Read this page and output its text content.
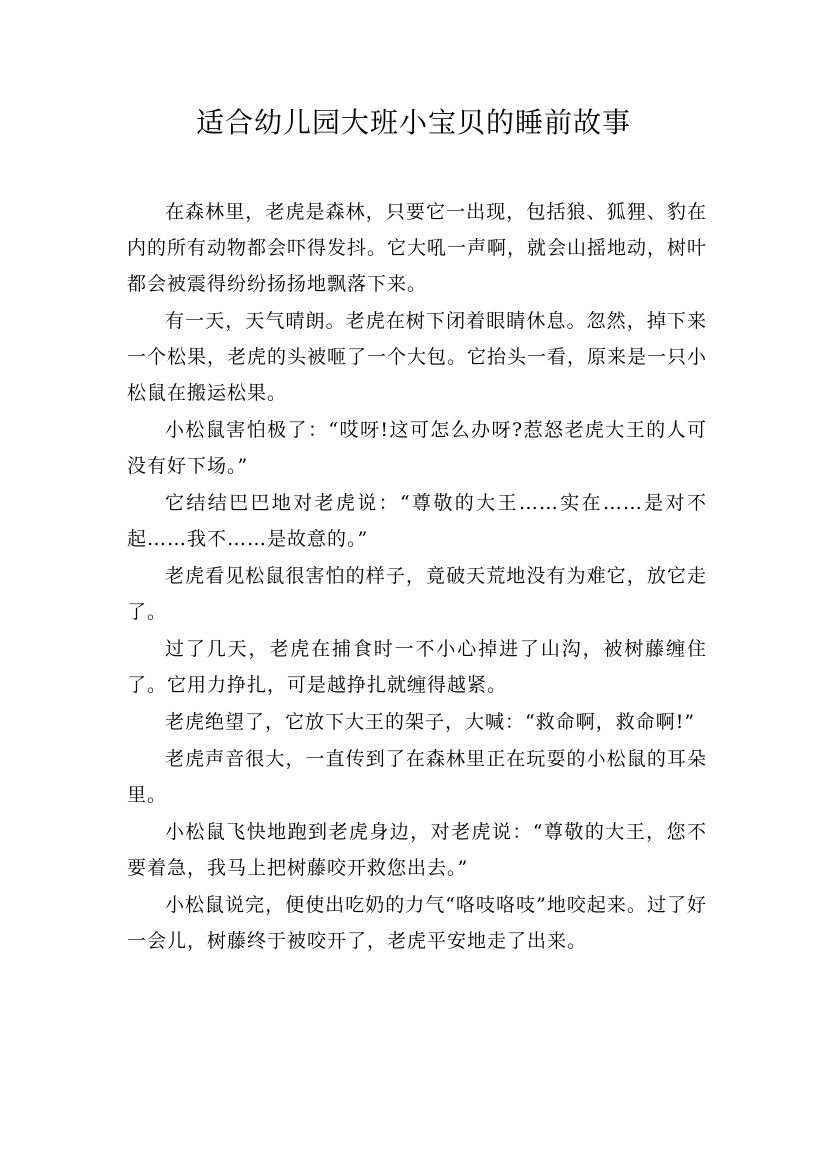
适合幼儿园大班小宝贝的睡前故事

在森林里，老虎是森林，只要它一出现，包括狼、狐狸、豹在内的所有动物都会吓得发抖。它大吼一声啊，就会山摇地动，树叶都会被震得纷纷扬扬地飘落下来。

有一天，天气晴朗。老虎在树下闭着眼睛休息。忽然，掉下来一个松果，老虎的头被咂了一个大包。它抬头一看，原来是一只小松鼠在搬运松果。

小松鼠害怕极了：“哎呀!这可怎么办呀?惹怒老虎大王的人可没有好下场。”

它结结巴巴地对老虎说：“尊敬的大王……实在……是对不起……我不……是故意的。”

老虎看见松鼠很害怕的样子，竟破天荒地没有为难它，放它走了。

过了几天，老虎在捕食时一不小心掉进了山沟，被树藤缠住了。它用力挣扎，可是越挣扎就缠得越紧。

老虎绝望了，它放下大王的架子，大喊：“救命啊，救命啊!”

老虎声音很大，一直传到了在森林里正在玩耍的小松鼠的耳朵里。

小松鼠飞快地跑到老虎身边，对老虎说：“尊敬的大王，您不要着急，我马上把树藤咬开救您出去。”

小松鼠说完，便使出吃奶的力气“咯吱咯吱”地咬起来。过了好一会儿，树藤终于被咬开了，老虎平安地走了出来。
